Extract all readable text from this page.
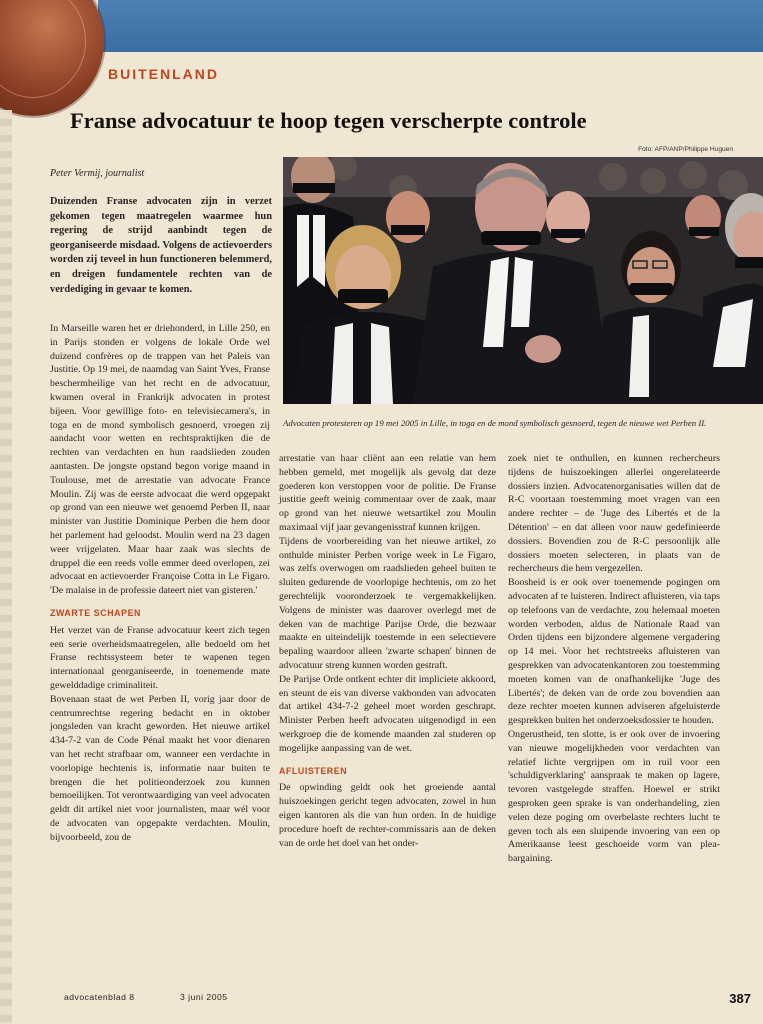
BUITENLAND
Franse advocatuur te hoop tegen verscherpte controle
Foto: AFP/ANP/Philippe Huguen
Advocaten protesteren op 19 mei 2005 in Lille, in toga en de mond symbolisch gesnoerd, tegen de nieuwe wet Perben II.
Peter Vermij, journalist

Duizenden Franse advocaten zijn in verzet gekomen tegen maatregelen waarmee hun regering de strijd aanbindt tegen de georganiseerde misdaad. Volgens de actievoerders worden zij teveel in hun functioneren belemmerd, en dreigen fundamentele rechten van de verdediging in gevaar te komen.

In Marseille waren het er driehonderd, in Lille 250, en in Parijs stonden er volgens de lokale Orde wel duizend confrères op de trappen van het Paleis van Justitie. Op 19 mei, de naamdag van Saint Yves, Franse beschermheilige van het recht en de advocatuur, kwamen overal in Frankrijk advocaten in protest bijeen. Voor gewillige foto- en televisiecamera's, in toga en de mond symbolisch gesnoerd, vroegen zij aandacht voor wetten en rechtspraktijken die de rechten van verdachten en hun raadslieden zouden aantasten. De jongste opstand begon vorige maand in Toulouse, met de arrestatie van advocate France Moulin. Zij was de eerste advocaat die werd opgepakt op grond van een nieuwe wet genoemd Perben II, naar minister van Justitie Dominique Perben die hem door het parlement had geloodst. Moulin werd na 23 dagen weer vrijgelaten. Maar haar zaak was slechts de druppel die een reeds volle emmer deed overlopen, zei advocaat en actievoerder Françoise Cotta in Le Figaro. 'De malaise in de professie dateert niet van gisteren.'

ZWARTE SCHAPEN

Het verzet van de Franse advocatuur keert zich tegen een serie overheidsmaatregelen, alle bedoeld om het Franse rechtssysteem beter te wapenen tegen internationaal georganiseerde, in toenemende mate gewelddadige criminaliteit.

Bovenaan staat de wet Perben II, vorig jaar door de centrumrechtse regering bedacht en in oktober jongsleden van kracht geworden. Het nieuwe artikel 434-7-2 van de Code Pénal maakt het voor dienaren van het recht strafbaar om, wanneer een verdachte in voorlopige hechtenis is, informatie naar buiten te brengen die het politieonderzoek zou kunnen bemoeilijken. Tot verontwaardiging van veel advocaten geldt dit artikel niet voor journalisten, maar wél voor de advocaten van opgepakte verdachten. Moulin, bijvoorbeeld, zou de

arrestatie van haar cliënt aan een relatie van hem hebben gemeld, met mogelijk als gevolg dat deze goederen kon verstoppen voor de politie. De Franse justitie geeft weinig commentaar over de zaak, maar op grond van het nieuwe wetsartikel zou Moulin maximaal vijf jaar gevangenisstraf kunnen krijgen.

Tijdens de voorbereiding van het nieuwe artikel, zo onthulde minister Perben vorige week in Le Figaro, was zelfs overwogen om raadslieden geheel buiten te sluiten gedurende de voorlopige hechtenis, om zo het gerechtelijk vooronderzoek te vergemakkelijken. Volgens de minister was daarover overlegd met de deken van de machtige Parijse Orde, die bezwaar maakte en uiteindelijk toestemde in een selectievere bepaling waardoor alleen 'zwarte schapen' binnen de advocatuur streng kunnen worden gestraft.

De Parijse Orde ontkent echter dit impliciete akkoord, en steunt de eis van diverse vakbonden van advocaten dat artikel 434-7-2 geheel moet worden geschrapt. Minister Perben heeft advocaten uitgenodigd in een werkgroep die de komende maanden zal studeren op mogelijke aanpassing van de wet.

AFLUISTEREN

De opwinding geldt ook het groeiende aantal huiszoekingen gericht tegen advocaten, zowel in hun eigen kantoren als die van hun orden. In de huidige procedure hoeft de rechter-commissaris aan de deken van de orde het doel van het onder-

zoek niet te onthullen, en kunnen rechercheurs tijdens de huiszoekingen allerlei ongerelateerde dossiers inzien. Advocatenorganisaties willen dat de R-C voortaan toestemming moet vragen van een andere rechter – de 'Juge des Libertés et de la Détention' – en dat alleen voor nauw gedefinieerde dossiers. Bovendien zou de R-C persoonlijk alle dossiers moeten selecteren, in plaats van de rechercheurs die hem vergezellen.

Boosheid is er ook over toenemende pogingen om advocaten af te luisteren. Indirect afluisteren, via taps op telefoons van de verdachte, zou helemaal moeten worden verboden, aldus de Nationale Raad van Orden tijdens een bijzondere algemene vergadering op 14 mei. Voor het rechtstreeks afluisteren van gesprekken van advocatenkantoren zou toestemming moeten komen van de onafhankelijke 'Juge des Libertés'; de deken van de orde zou bovendien aan deze rechter moeten kunnen adviseren afgeluisterde gesprekken buiten het onderzoeksdossier te houden.

Ongerustheid, ten slotte, is er ook over de invoering van nieuwe mogelijkheden voor verdachten van relatief lichte vergrijpen om in ruil voor een 'schuldigverklaring' aanspraak te maken op lagere, tevoren vastgelegde straffen. Hoewel er strikt gesproken geen sprake is van onderhandeling, zien velen deze poging om overbelaste rechters lucht te geven toch als een sluipende invoering van een op Amerikaanse leest geschoeide vorm van plea-bargaining.

advocatenblad 8	3 juni 2005	387
